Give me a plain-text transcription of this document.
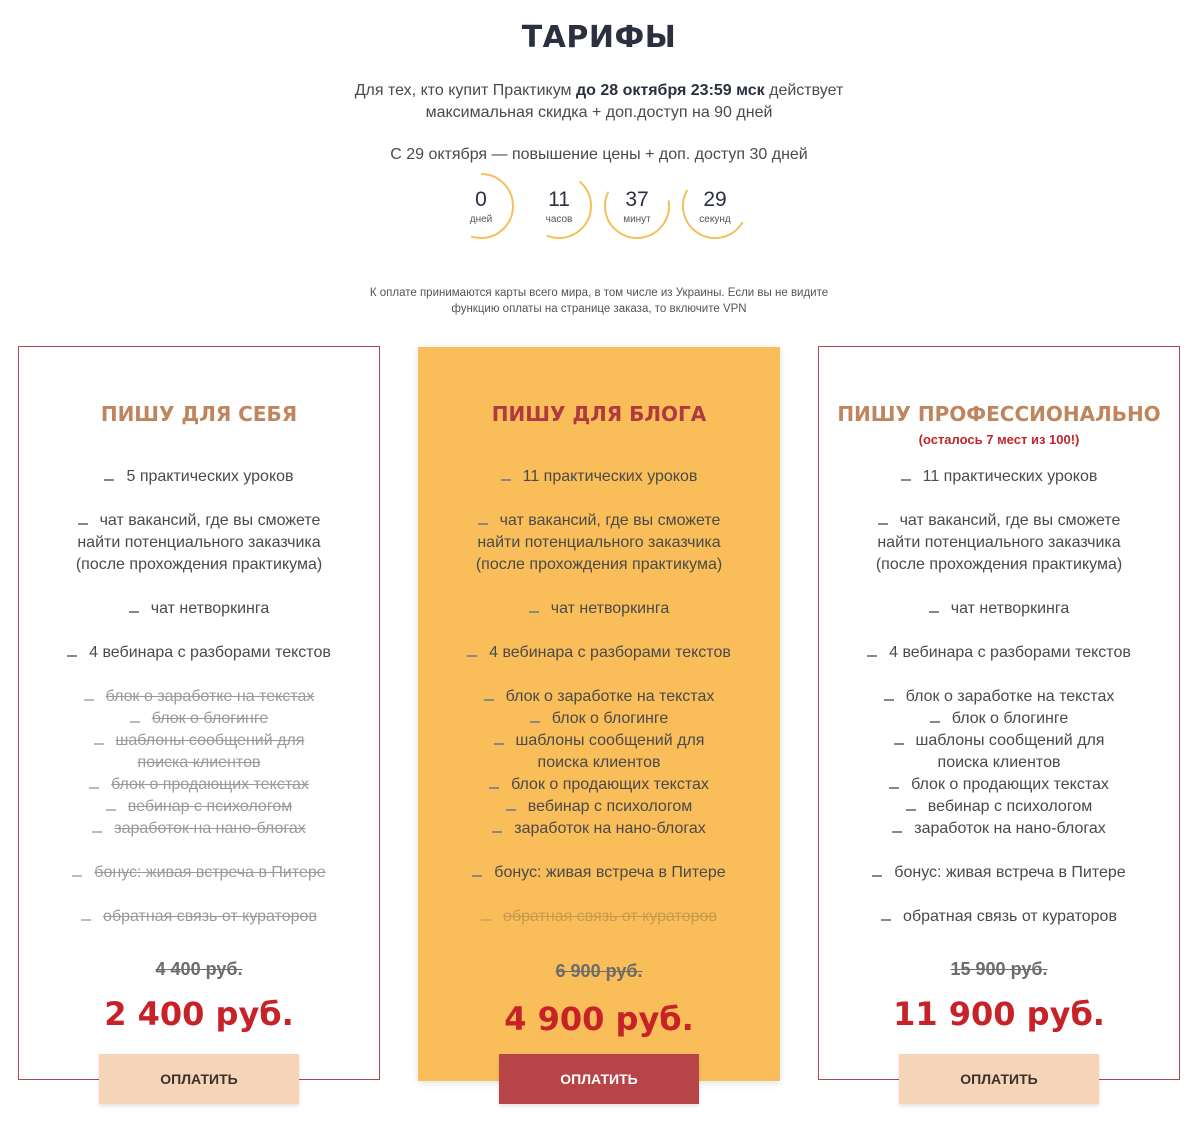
ТАРИФЫ
Для тех, кто купит Практикум до 28 октября 23:59 мск действует
максимальная скидка + доп.доступ на 90 дней
С 29 октября — повышение цены + доп. доступ 30 дней
0
дней
11
часов
37
минут
29
секунд
К оплате принимаются карты всего мира, в том числе из Украины. Если вы не видите
функцию оплаты на странице заказа, то включите VPN
ПИШУ ДЛЯ СЕБЯ
5 практических уроков
чат вакансий, где вы сможете
найти потенциального заказчика
(после прохождения практикума)
чат нетворкинга
4 вебинара с разборами текстов
блок о заработке на текстах
блок о блогинге
шаблоны сообщений для
поиска клиентов
блок о продающих текстах
вебинар с психологом
заработок на нано-блогах
бонус: живая встреча в Питере
обратная связь от кураторов
4 400 руб.
2 400 руб.
ПИШУ ДЛЯ БЛОГА
11 практических уроков
чат вакансий, где вы сможете
найти потенциального заказчика
(после прохождения практикума)
чат нетворкинга
4 вебинара с разборами текстов
блок о заработке на текстах
блок о блогинге
шаблоны сообщений для
поиска клиентов
блок о продающих текстах
вебинар с психологом
заработок на нано-блогах
бонус: живая встреча в Питере
обратная связь от кураторов
6 900 руб.
4 900 руб.
ПИШУ ПРОФЕССИОНАЛЬНО
(осталось 7 мест из 100!)
11 практических уроков
чат вакансий, где вы сможете
найти потенциального заказчика
(после прохождения практикума)
чат нетворкинга
4 вебинара с разборами текстов
блок о заработке на текстах
блок о блогинге
шаблоны сообщений для
поиска клиентов
блок о продающих текстах
вебинар с психологом
заработок на нано-блогах
бонус: живая встреча в Питере
обратная связь от кураторов
15 900 руб.
11 900 руб.
ОПЛАТИТЬ	ОПЛАТИТЬ	ОПЛАТИТЬ
